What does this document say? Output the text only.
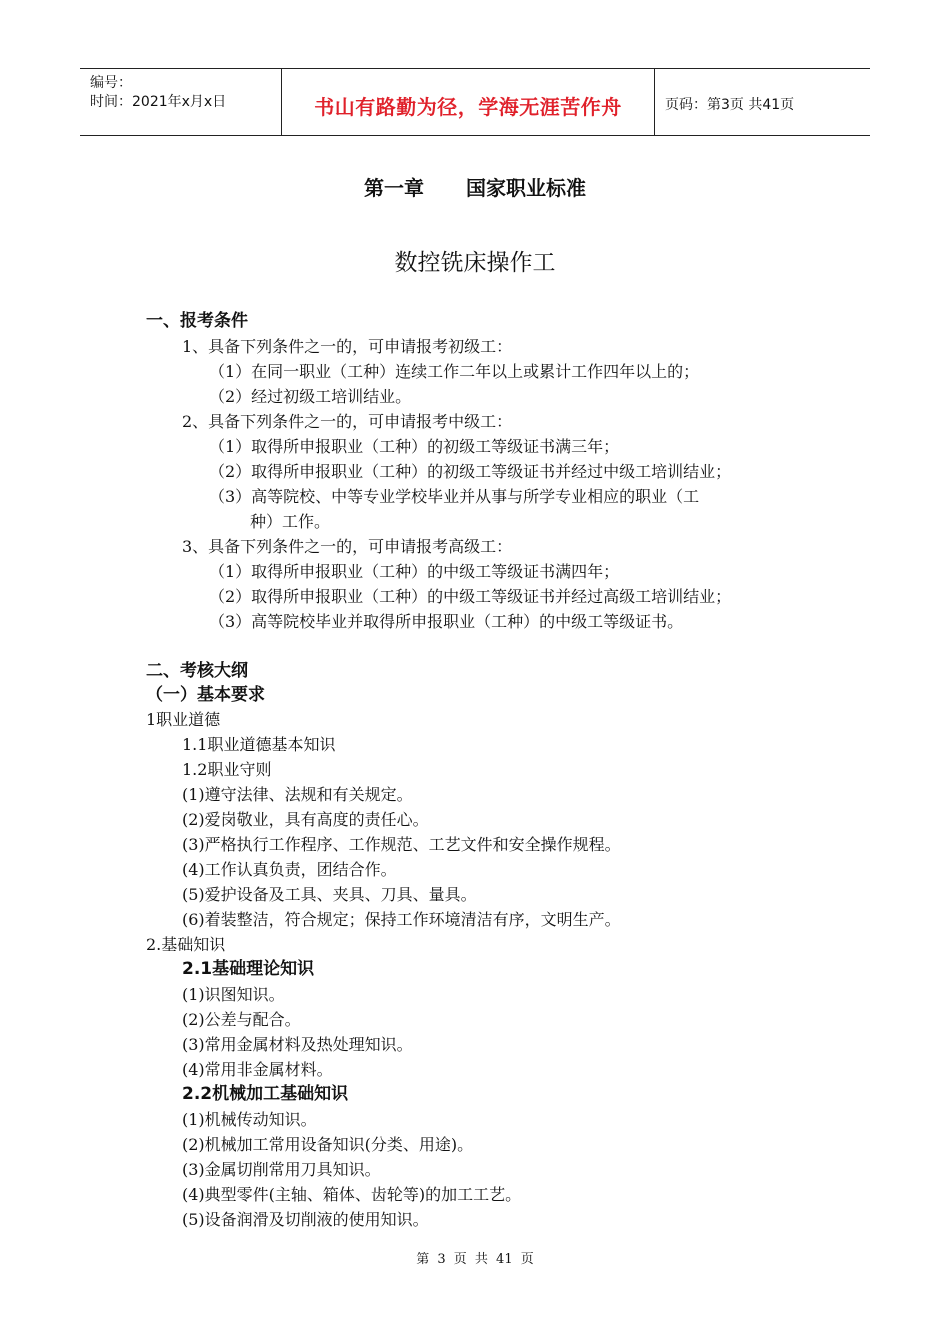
编号：
时间：2021年x月x日	书山有路勤为径，学海无涯苦作舟	页码：第3页 共41页
第一章 国家职业标准
数控铣床操作工
一、报考条件
1、具备下列条件之一的，可申请报考初级工：
（1）在同一职业（工种）连续工作二年以上或累计工作四年以上的；
（2）经过初级工培训结业。
2、具备下列条件之一的，可申请报考中级工：
（1）取得所申报职业（工种）的初级工等级证书满三年；
（2）取得所申报职业（工种）的初级工等级证书并经过中级工培训结业；
（3）高等院校、中等专业学校毕业并从事与所学专业相应的职业（工
种）工作。
3、具备下列条件之一的，可申请报考高级工：
（1）取得所申报职业（工种）的中级工等级证书满四年；
（2）取得所申报职业（工种）的中级工等级证书并经过高级工培训结业；
（3）高等院校毕业并取得所申报职业（工种）的中级工等级证书。
二、考核大纲
（一）基本要求
1职业道德
1.1职业道德基本知识
1.2职业守则
(1)遵守法律、法规和有关规定。
(2)爱岗敬业，具有高度的责任心。
(3)严格执行工作程序、工作规范、工艺文件和安全操作规程。
(4)工作认真负责，团结合作。
(5)爱护设备及工具、夹具、刀具、量具。
(6)着装整洁，符合规定；保持工作环境清洁有序，文明生产。
2.基础知识
2.1基础理论知识
(1)识图知识。
(2)公差与配合。
(3)常用金属材料及热处理知识。
(4)常用非金属材料。
2.2机械加工基础知识
(1)机械传动知识。
(2)机械加工常用设备知识(分类、用途)。
(3)金属切削常用刀具知识。
(4)典型零件(主轴、箱体、齿轮等)的加工工艺。
(5)设备润滑及切削液的使用知识。
第 3 页 共 41 页
